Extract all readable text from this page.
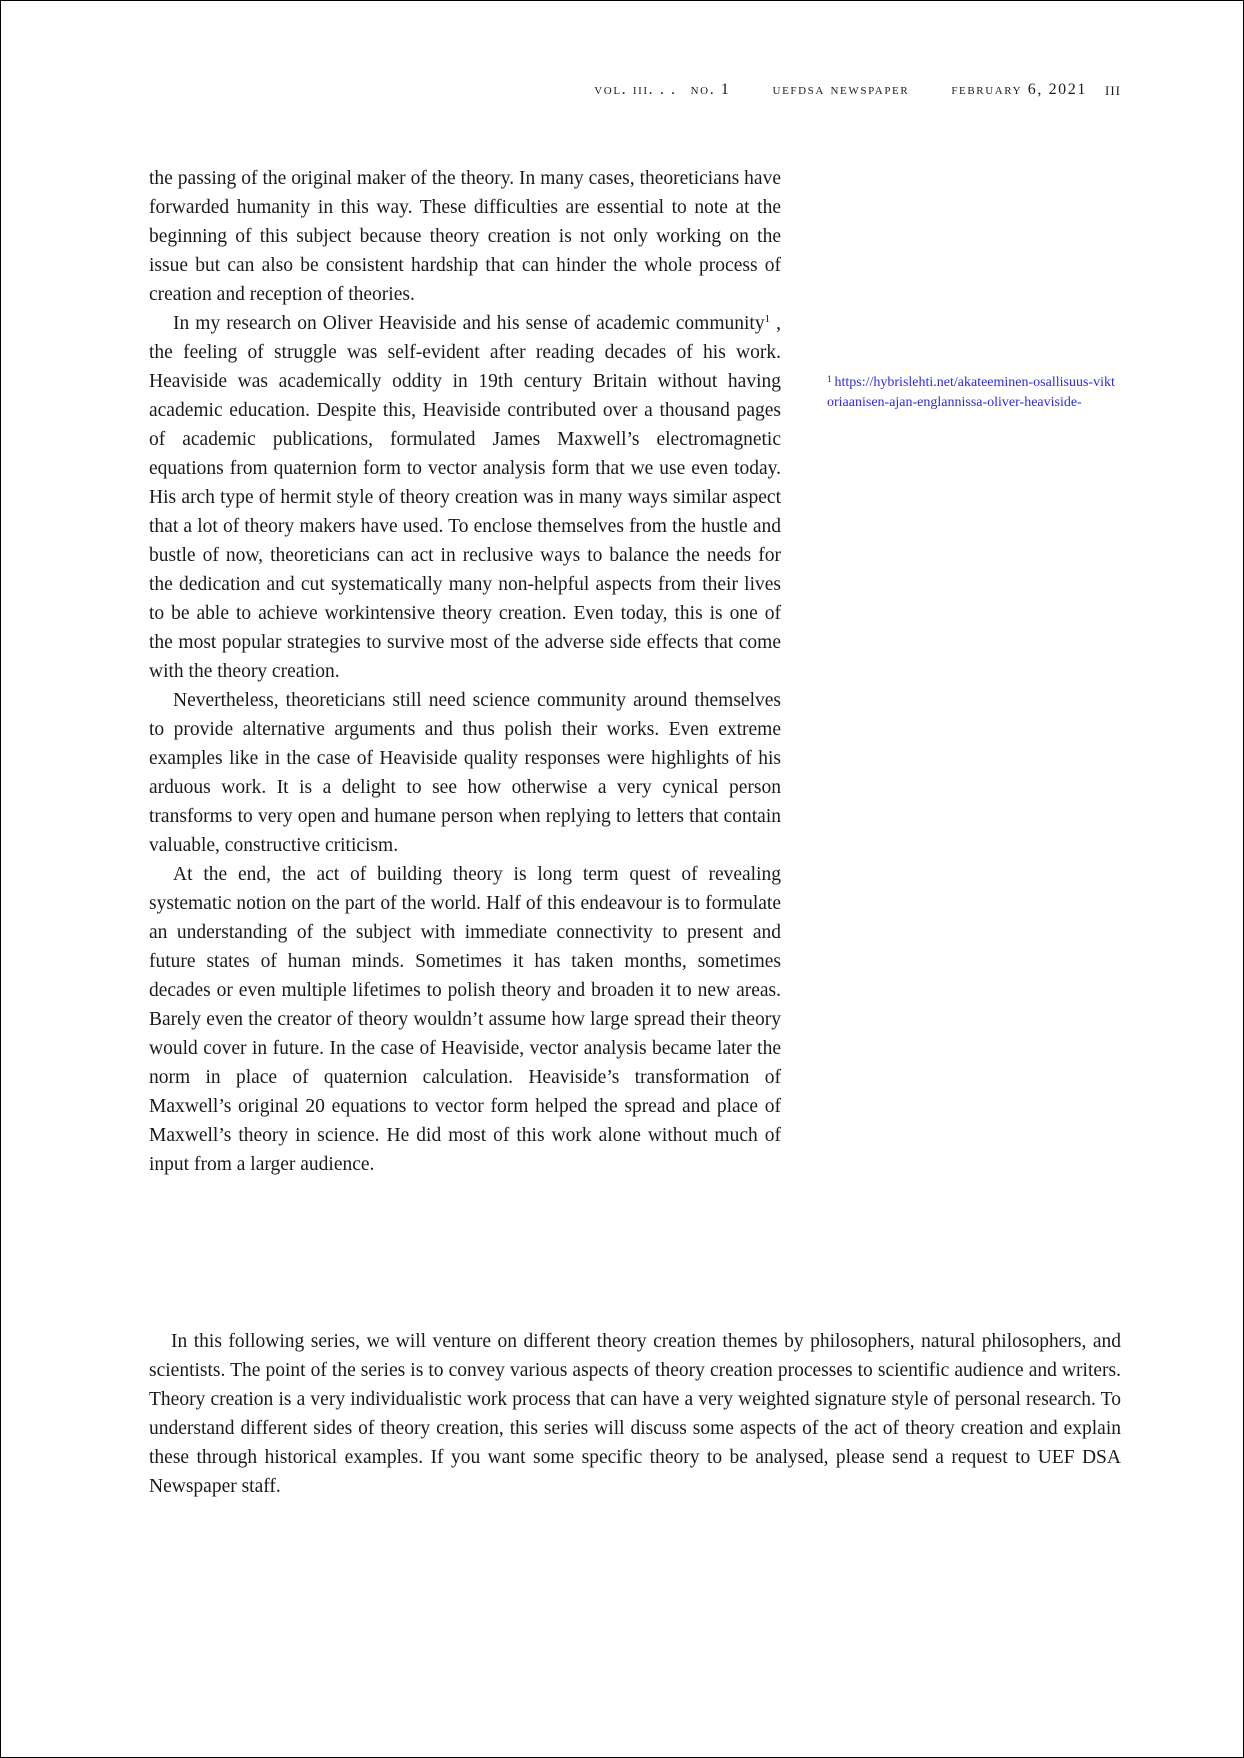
vol. iii. . . no. 1	uefdsa newspaper	february 6, 2021 iii

the passing of the original maker of the theory. In many cases, theoreticians have forwarded humanity in this way. These difficulties are essential to note at the beginning of this subject because theory creation is not only working on the issue but can also be consistent hardship that can hinder the whole process of creation and reception of theories.

In my research on Oliver Heaviside and his sense of academic community$^1$ , the feeling of struggle was self-evident after reading decades of his work. Heaviside was academically oddity in 19th century Britain without having academic education. Despite this, Heaviside contributed over a thousand pages of academic publications, formulated James Maxwell’s electromagnetic equations from quaternion form to vector analysis form that we use even today. His arch type of hermit style of theory creation was in many ways similar aspect that a lot of theory makers have used. To enclose themselves from the hustle and bustle of now, theoreticians can act in reclusive ways to balance the needs for the dedication and cut systematically many non-helpful aspects from their lives to be able to achieve workintensive theory creation. Even today, this is one of the most popular strategies to survive most of the adverse side effects that come with the theory creation.

Nevertheless, theoreticians still need science community around themselves to provide alternative arguments and thus polish their works. Even extreme examples like in the case of Heaviside quality responses were highlights of his arduous work. It is a delight to see how otherwise a very cynical person transforms to very open and humane person when replying to letters that contain valuable, constructive criticism.

At the end, the act of building theory is long term quest of revealing systematic notion on the part of the world. Half of this endeavour is to formulate an understanding of the subject with immediate connectivity to present and future states of human minds. Sometimes it has taken months, sometimes decades or even multiple lifetimes to polish theory and broaden it to new areas. Barely even the creator of theory wouldn’t assume how large spread their theory would cover in future. In the case of Heaviside, vector analysis became later the norm in place of quaternion calculation. Heaviside’s transformation of Maxwell’s original 20 equations to vector form helped the spread and place of Maxwell’s theory in science. He did most of this work alone without much of input from a larger audience.

$^1$ https://hybrislehti.net/akateeminen-osallisuus-viktoriaanisen-ajan-englannissa-oliver-heaviside-

In this following series, we will venture on different theory creation themes by philosophers, natural philosophers, and scientists. The point of the series is to convey various aspects of theory creation processes to scientific audience and writers. Theory creation is a very individualistic work process that can have a very weighted signature style of personal research. To understand different sides of theory creation, this series will discuss some aspects of the act of theory creation and explain these through historical examples. If you want some specific theory to be analysed, please send a request to UEF DSA Newspaper staff.
